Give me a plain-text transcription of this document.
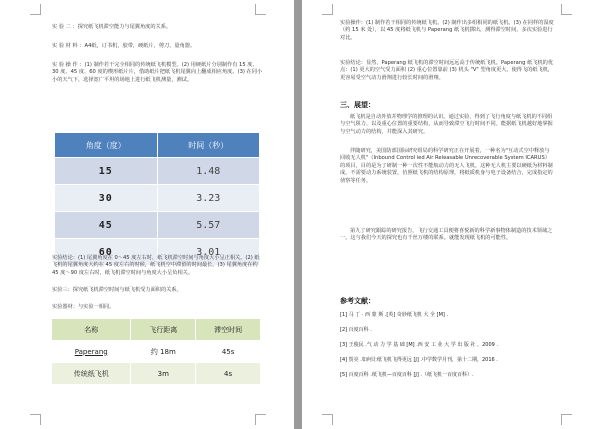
实 验 二 ：探究纸飞机滞空能力与尾翼角度的关系。
实 验 材 料 ：A4纸，订书机，胶带，硬纸片，剪刀，量角器。
实 验 操 作 ：(1) 制作若干完全相同的传统纸飞机模型。(2) 用硬纸片分别制作有 15 度、30 度、45 度、60 度的楔形纸片片，借助纸片把纸飞机尾翼向上翻成相应角度。(3) 在同小小的天气下，选择宽广平坦的场地上进行纸飞机测量，测试。
角度（度）	时间（秒）
15	1.48
30	3.23
45	5.57
60	3.01
实验结论：(1) 尾翼角度在 0～45 度左右时，纸飞机滞空时间与角度大小呈正相关。(2) 纸飞机的尾翼角度大约在 45 度左右的时候，纸飞机空中滞留的时间最长。(3) 尾翼角度在约 45 度～90 度左右时，纸飞机滞空时间与角度大小呈负相关。
实验三：探究纸飞机滞空时间与纸飞机受力面积的关系。
实验器材：与实验一相同。
名称	飞行距离	滞空时间
Paperang	约 18m	45s
传统纸飞机	3m	4s
实验操作：(1) 制作若干相同的传统纸飞机。(2) 制作出多组相同的纸飞机。(3) 在同样的湿度（约 15 米 处），以 45 度将纸飞机与 Paperang 纸飞机掷出，测得滞空时间，多次实验进行对比。
实验结论：显然，Paperang 纸飞机的滞空时间远远高于传统纸飞机。Paperang 纸飞机的优点：(1) 更大的空气受力面积 (2) 重心位置靠前 (3) 机头 "V" 型角度更大，使得飞的纸飞机，更容易受空气动力滑翔进行较长时间的滑翔。
三、展望：
纸飞机是自动外放并物理学的推理的认识。通过实验，得到了飞行角度与纸飞机的不同组与空气阻力、以及重心位置的重要结构，从而导致滞空飞行时间不同。能据纸飞机越好地掌握与空气动力的结构，并能深入其研究。
伴随研究，美国防部国际研究组局的科学研究正在开展着，一种名为"互动式空中释放与回收无人机"（Inbound Control led Air Releasable Unrecoverable System ICARUS）的项目，目的是为了研制一种一次性不能航动力的无人飞机。这种无人机主要以硬纸为材料制成，不需要动力系统装置，仿照纸飞机的结构原理，将纸质机身与电子设备结合，完成指定的侦察等任务。
第九了研究跟踪的研究报告，飞行交通工具便将喜悦新的科学新事物体制造的技术领域之一。这与我们今天的探究也有千丝万缕的联系。就能发现纸飞机的可能性。
参考文献：
[1] 马 丁 · 西 蒙 斯 .[英] 奇妙纸飞机 大 全 [M] .
[2] 百度百科 .
[3] 王俊民 .气 动 力 学 基 础 [M] .西 安 工 业 大 学 出 版 社 ，2009 .
[4] 贺亮 .如何让纸飞机飞得更远 [J] .中学数学月刊，第十二期，2016 .
[5] 百度百科 .纸飞机—百度百科 [J] .（纸飞机一百度百科）.
